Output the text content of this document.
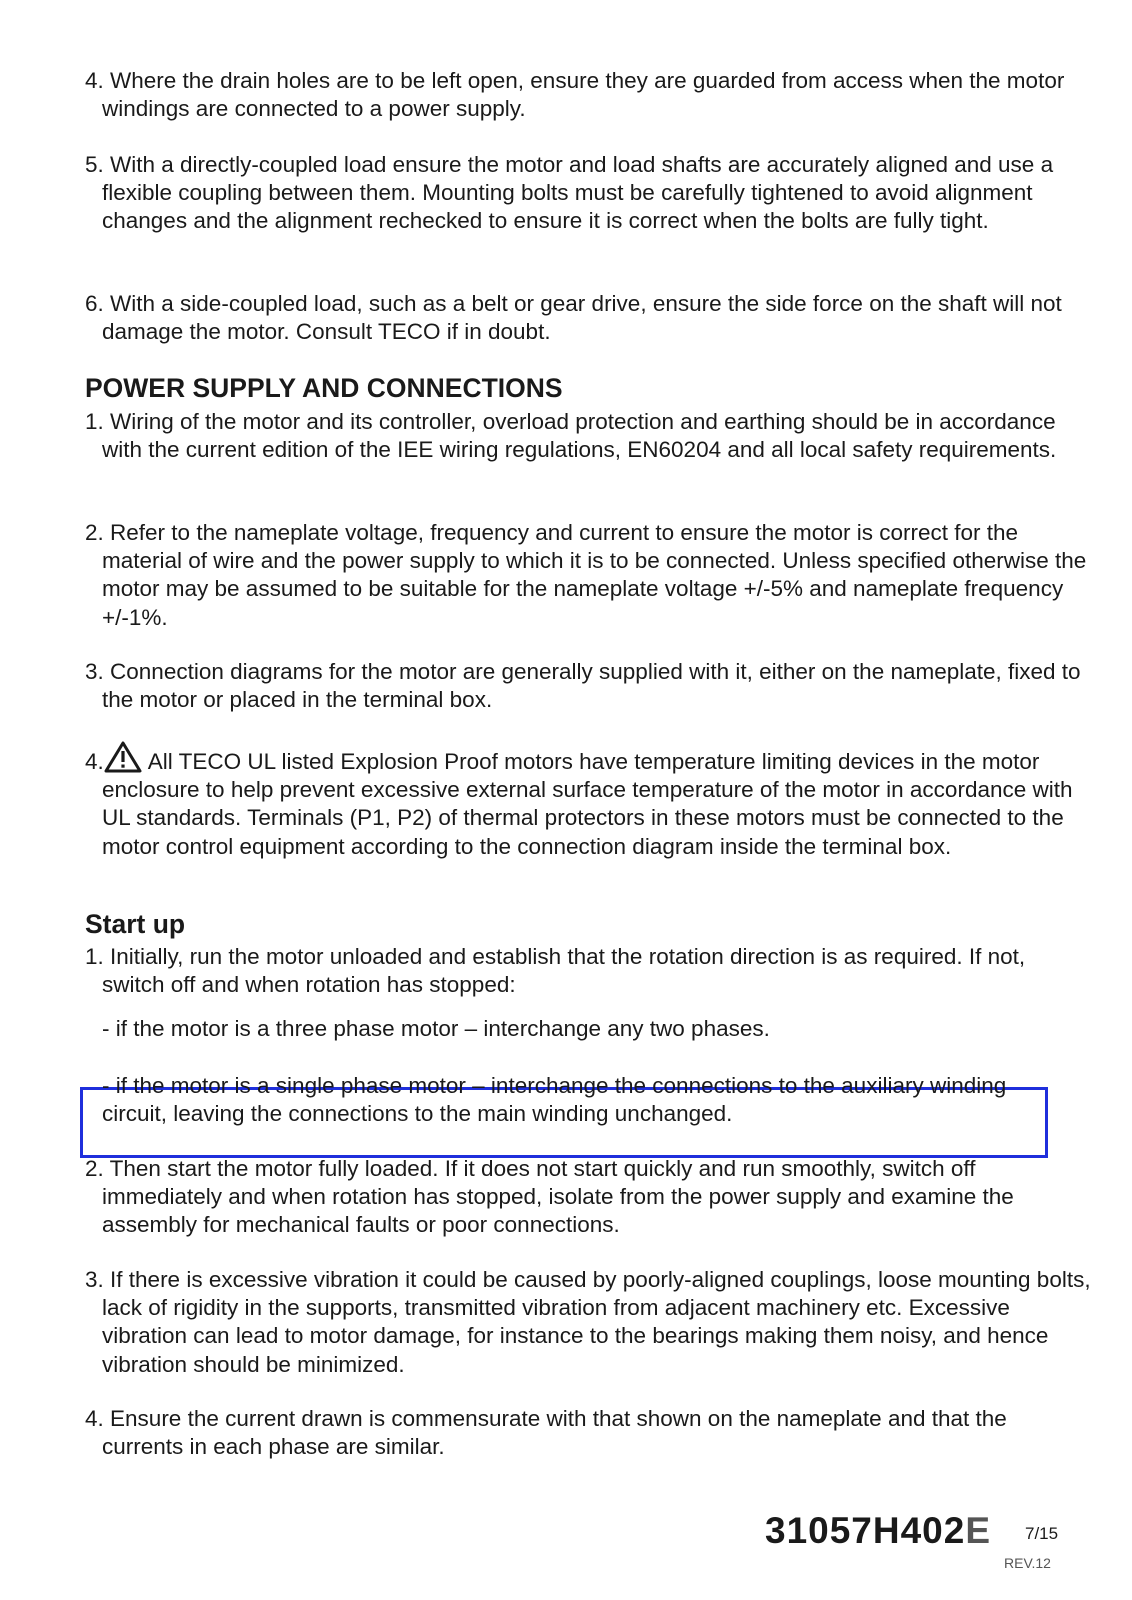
4. Where the drain holes are to be left open, ensure they are guarded from access when the motor windings are connected to a power supply.

5. With a directly-coupled load ensure the motor and load shafts are accurately aligned and use a flexible coupling between them. Mounting bolts must be carefully tightened to avoid alignment changes and the alignment rechecked to ensure it is correct when the bolts are fully tight.

6. With a side-coupled load, such as a belt or gear drive, ensure the side force on the shaft will not damage the motor. Consult TECO if in doubt.

POWER SUPPLY AND CONNECTIONS

1. Wiring of the motor and its controller, overload protection and earthing should be in accordance with the current edition of the IEE wiring regulations, EN60204 and all local safety requirements.

2. Refer to the nameplate voltage, frequency and current to ensure the motor is correct for the material of wire and the power supply to which it is to be connected. Unless specified otherwise the motor may be assumed to be suitable for the nameplate voltage +/-5% and nameplate frequency +/-1%.

3. Connection diagrams for the motor are generally supplied with it, either on the nameplate, fixed to the motor or placed in the terminal box.

4. All TECO UL listed Explosion Proof motors have temperature limiting devices in the motor enclosure to help prevent excessive external surface temperature of the motor in accordance with UL standards. Terminals (P1, P2) of thermal protectors in these motors must be connected to the motor control equipment according to the connection diagram inside the terminal box.

Start up

1. Initially, run the motor unloaded and establish that the rotation direction is as required. If not, switch off and when rotation has stopped:

- if the motor is a three phase motor – interchange any two phases.

- if the motor is a single phase motor – interchange the connections to the auxiliary winding circuit, leaving the connections to the main winding unchanged.

2. Then start the motor fully loaded. If it does not start quickly and run smoothly, switch off immediately and when rotation has stopped, isolate from the power supply and examine the assembly for mechanical faults or poor connections.

3. If there is excessive vibration it could be caused by poorly-aligned couplings, loose mounting bolts, lack of rigidity in the supports, transmitted vibration from adjacent machinery etc. Excessive vibration can lead to motor damage, for instance to the bearings making them noisy, and hence vibration should be minimized.

4. Ensure the current drawn is commensurate with that shown on the nameplate and that the currents in each phase are similar.

31057H402E 7/15
REV.12
